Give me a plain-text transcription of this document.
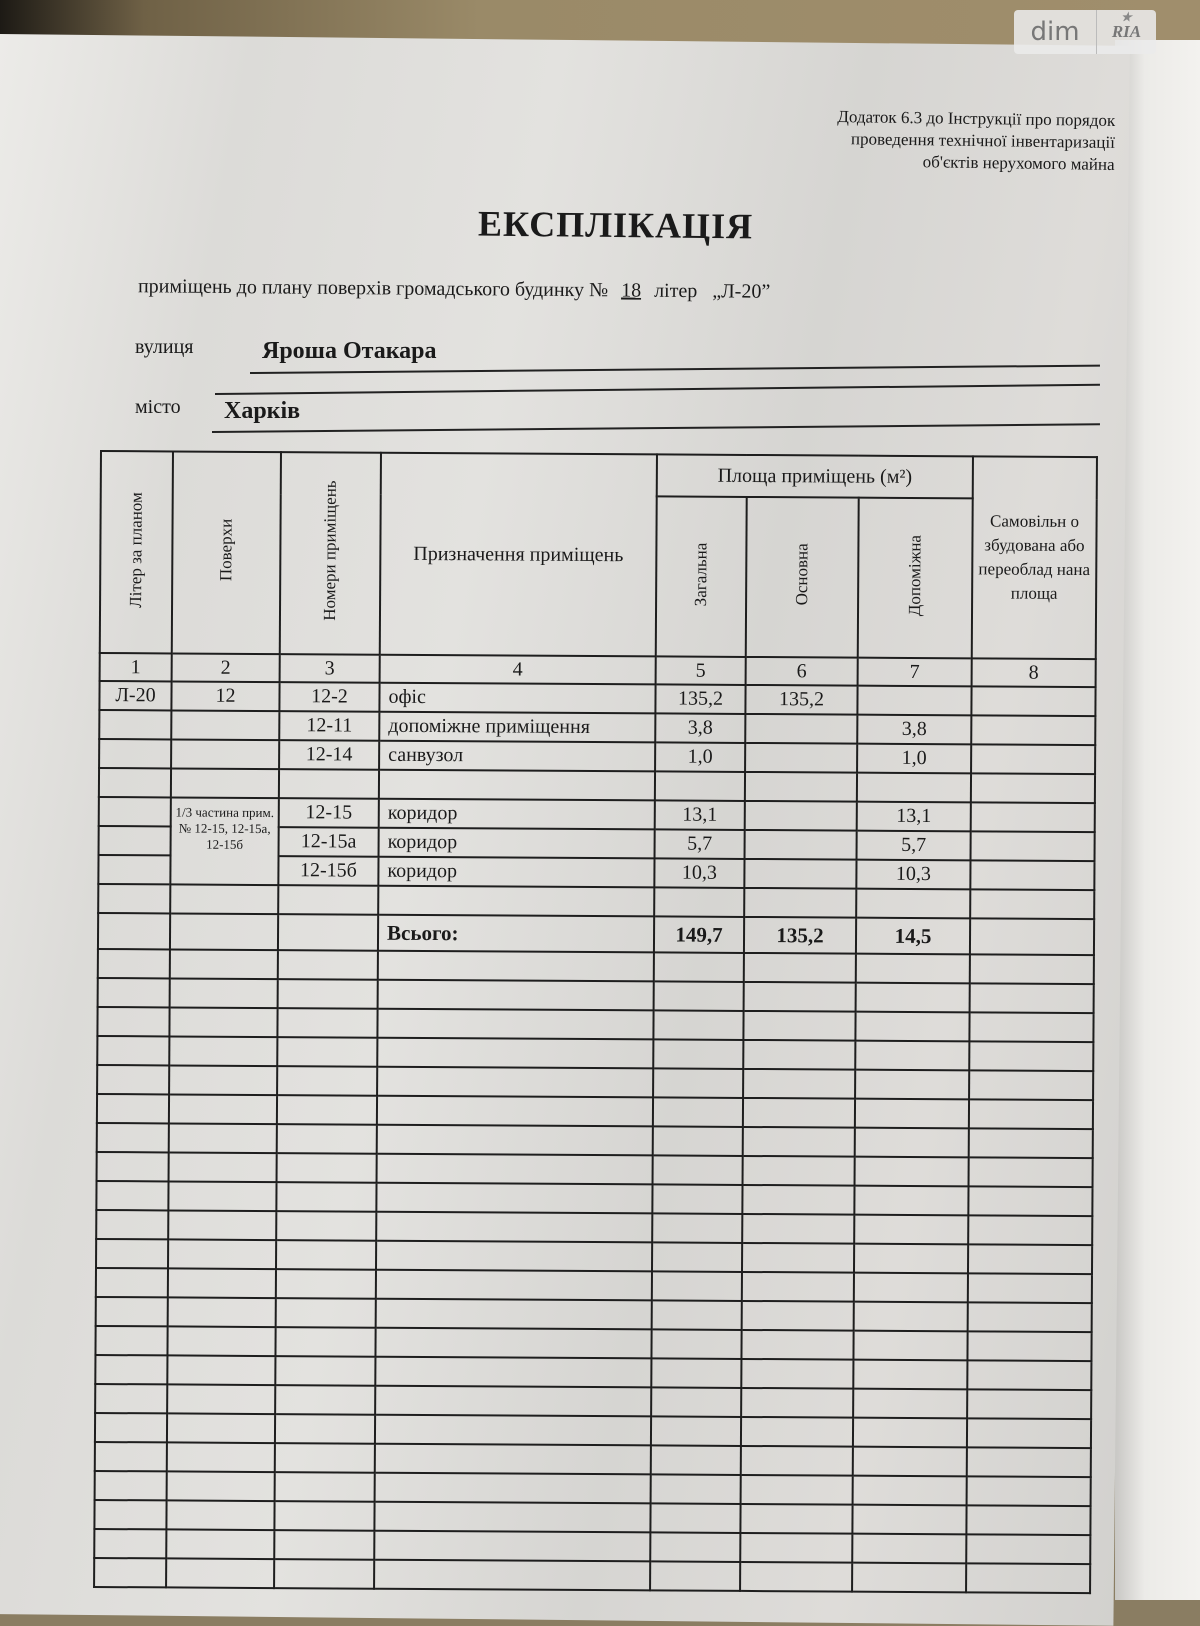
dim	★
RIA
Додаток 6.3 до Інструкції про порядок
проведення технічної інвентаризації
об'єктів нерухомого майна
ЕКСПЛІКАЦІЯ
приміщень до плану поверхів громадського будинку № 18 літер „Л-20”
вулиця	Яроша Отакара
місто Харків
Літер за планом	Поверхи	Номери приміщень	Призначення приміщень	Площа приміщень (м²)			Самовільн о збудована або переоблад нана площа
				Загальна	Основна	Допоміжна	
1	2	3	4	5	6	7	8
Л-20	12	12-2	офіс	135,2	135,2		
		12-11	допоміжне приміщення	3,8		3,8	
		12-14	санвузол	1,0		1,0	

	1/3 частина прим. № 12-15, 12-15а, 12-15б	12-15	коридор	13,1		13,1	
		12-15а	коридор	5,7		5,7	
		12-15б	коридор	10,3		10,3	

			Всього:	149,7	135,2	14,5	
